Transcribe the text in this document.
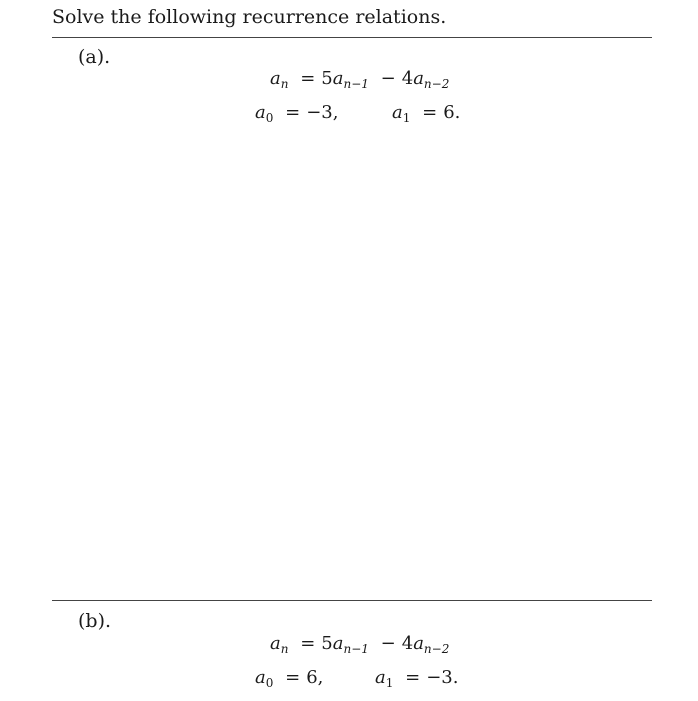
Solve the following recurrence relations.
(a).
$a_n = 5a_{n-1} - 4a_{n-2}$
$a_0 = -3$,	$a_1 = 6$.
(b).
$a_n = 5a_{n-1} - 4a_{n-2}$
$a_0 = 6$,	$a_1 = -3$.
